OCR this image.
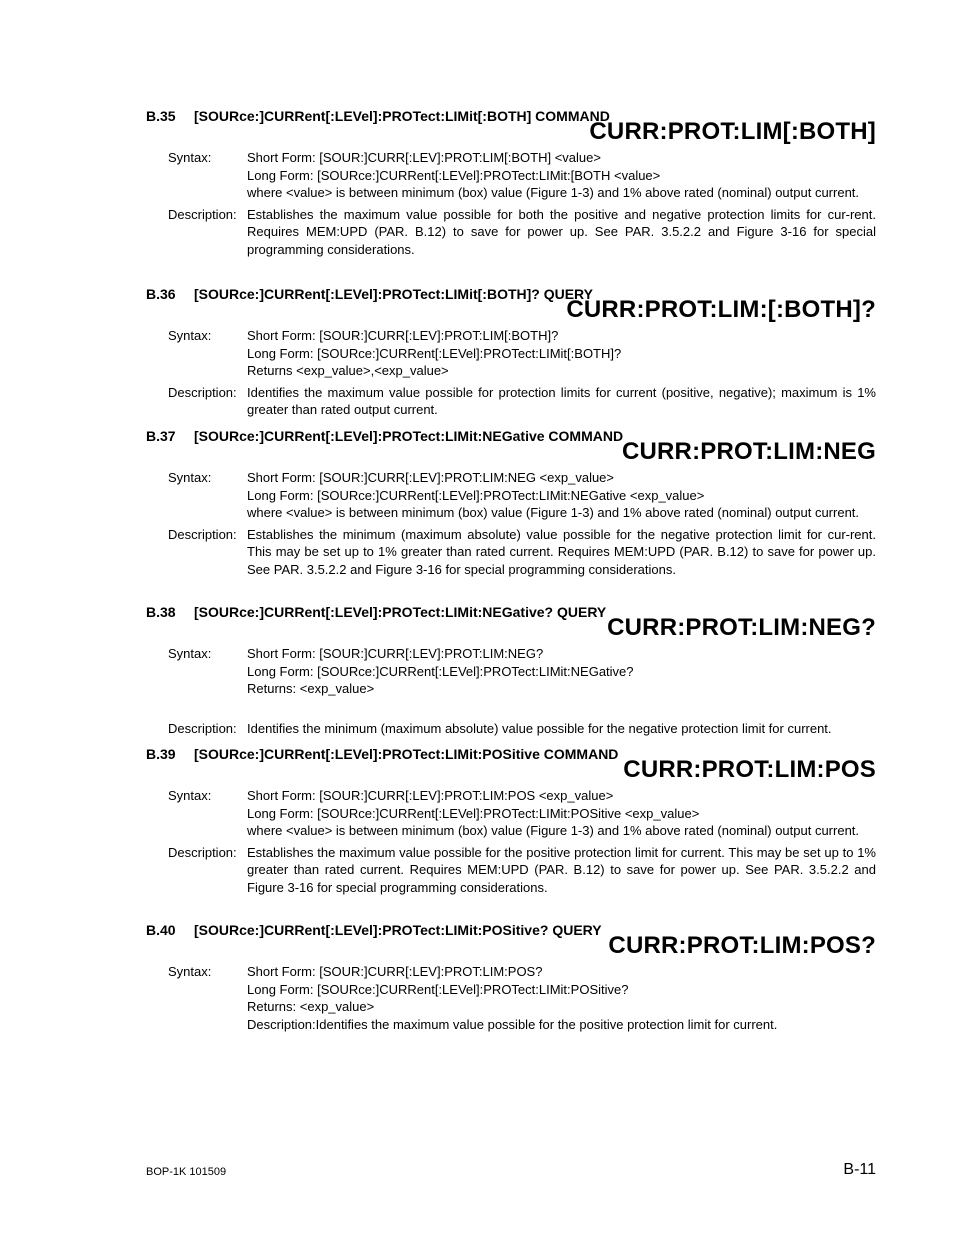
B.35 [SOURce:]CURRent[:LEVel]:PROTect:LIMit[:BOTH] COMMAND
CURR:PROT:LIM[:BOTH]
Syntax:	Short Form: [SOUR:]CURR[:LEV]:PROT:LIM[:BOTH] <value>
Long Form: [SOURce:]CURRent[:LEVel]:PROTect:LIMit:[BOTH <value>
where <value> is between minimum (box) value (Figure 1-3) and 1% above rated (nominal) output current.
Description: Establishes the maximum value possible for both the positive and negative protection limits for cur-rent. Requires MEM:UPD (PAR. B.12) to save for power up. See PAR. 3.5.2.2 and Figure 3-16 for special programming considerations.
B.36 [SOURce:]CURRent[:LEVel]:PROTect:LIMit[:BOTH]? QUERY
CURR:PROT:LIM:[:BOTH]?
Syntax:	Short Form: [SOUR:]CURR[:LEV]:PROT:LIM[:BOTH]?
Long Form: [SOURce:]CURRent[:LEVel]:PROTect:LIMit[:BOTH]?
Returns <exp_value>,<exp_value>
Description: Identifies the maximum value possible for protection limits for current (positive, negative); maximum is 1% greater than rated output current.
B.37 [SOURce:]CURRent[:LEVel]:PROTect:LIMit:NEGative COMMAND
CURR:PROT:LIM:NEG
Syntax:	Short Form: [SOUR:]CURR[:LEV]:PROT:LIM:NEG <exp_value>
Long Form: [SOURce:]CURRent[:LEVel]:PROTect:LIMit:NEGative <exp_value>
where <value> is between minimum (box) value (Figure 1-3) and 1% above rated (nominal) output current.
Description: Establishes the minimum (maximum absolute) value possible for the negative protection limit for cur-rent. This may be set up to 1% greater than rated current. Requires MEM:UPD (PAR. B.12) to save for power up. See PAR. 3.5.2.2 and Figure 3-16 for special programming considerations.
B.38 [SOURce:]CURRent[:LEVel]:PROTect:LIMit:NEGative? QUERY
CURR:PROT:LIM:NEG?
Syntax:	Short Form: [SOUR:]CURR[:LEV]:PROT:LIM:NEG?
Long Form: [SOURce:]CURRent[:LEVel]:PROTect:LIMit:NEGative?
Returns: <exp_value>
Description: Identifies the minimum (maximum absolute) value possible for the negative protection limit for current.
B.39 [SOURce:]CURRent[:LEVel]:PROTect:LIMit:POSitive COMMAND
CURR:PROT:LIM:POS
Syntax:	Short Form: [SOUR:]CURR[:LEV]:PROT:LIM:POS <exp_value>
Long Form: [SOURce:]CURRent[:LEVel]:PROTect:LIMit:POSitive <exp_value>
where <value> is between minimum (box) value (Figure 1-3) and 1% above rated (nominal) output current.
Description: Establishes the maximum value possible for the positive protection limit for current. This may be set up to 1% greater than rated current. Requires MEM:UPD (PAR. B.12) to save for power up. See PAR. 3.5.2.2 and Figure 3-16 for special programming considerations.
B.40 [SOURce:]CURRent[:LEVel]:PROTect:LIMit:POSitive? QUERY
CURR:PROT:LIM:POS?
Syntax:	Short Form: [SOUR:]CURR[:LEV]:PROT:LIM:POS?
Long Form: [SOURce:]CURRent[:LEVel]:PROTect:LIMit:POSitive?
Returns: <exp_value>
Description:Identifies the maximum value possible for the positive protection limit for current.
BOP-1K 101509	B-11
